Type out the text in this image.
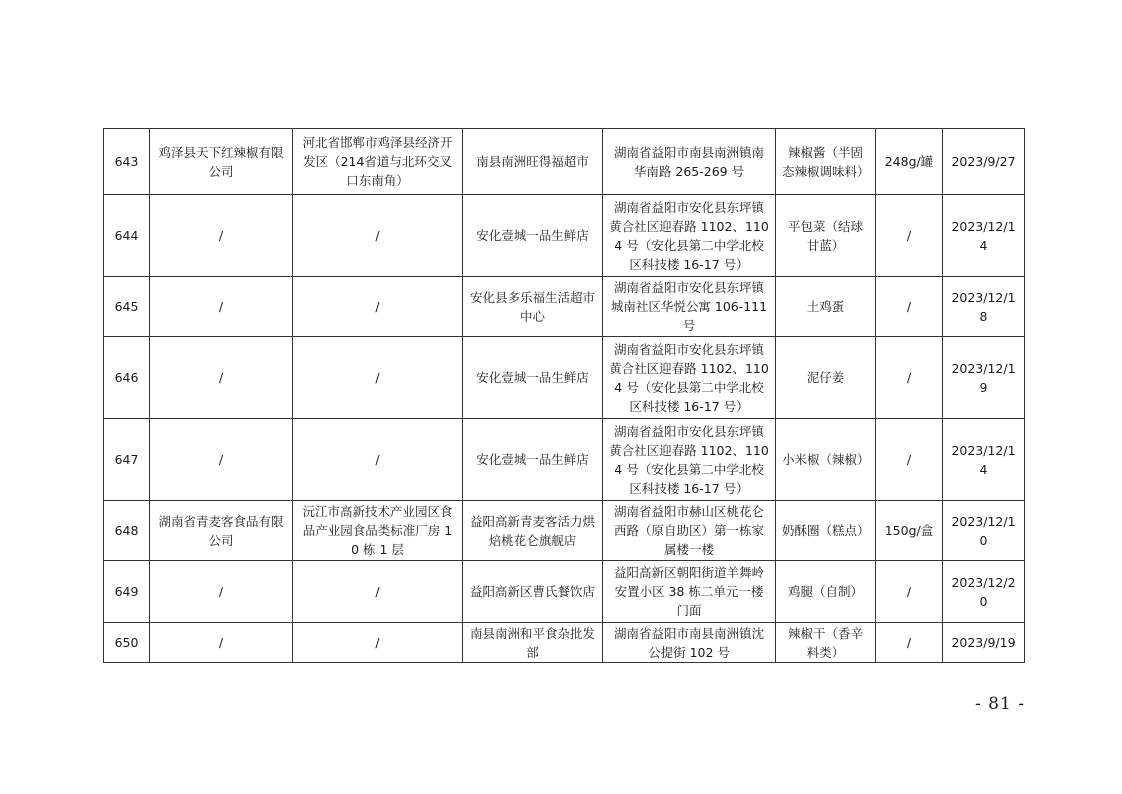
643	鸡泽县天下红辣椒有限公司	河北省邯郸市鸡泽县经济开发区（214省道与北环交叉口东南角）	南县南洲旺得福超市	湖南省益阳市南县南洲镇南华南路 265-269 号	辣椒酱（半固态辣椒调味料）	248g/罐	2023/9/27
644	/	/	安化壹城一品生鲜店	湖南省益阳市安化县东坪镇黄合社区迎春路 1102、1104 号（安化县第二中学北校区科技楼 16-17 号）	平包菜（结球甘蓝）	/	2023/12/14
645	/	/	安化县多乐福生活超市中心	湖南省益阳市安化县东坪镇城南社区华悦公寓 106-111 号	土鸡蛋	/	2023/12/18
646	/	/	安化壹城一品生鲜店	湖南省益阳市安化县东坪镇黄合社区迎春路 1102、1104 号（安化县第二中学北校区科技楼 16-17 号）	泥仔姜	/	2023/12/19
647	/	/	安化壹城一品生鲜店	湖南省益阳市安化县东坪镇黄合社区迎春路 1102、1104 号（安化县第二中学北校区科技楼 16-17 号）	小米椒（辣椒）	/	2023/12/14
648	湖南省青麦客食品有限公司	沅江市高新技术产业园区食品产业园食品类标准厂房 10 栋 1 层	益阳高新青麦客活力烘焙桃花仑旗舰店	湖南省益阳市赫山区桃花仑西路（原自助区）第一栋家属楼一楼	奶酥圈（糕点）	150g/盒	2023/12/10
649	/	/	益阳高新区曹氏餐饮店	益阳高新区朝阳街道羊舞岭安置小区 38 栋二单元一楼门面	鸡腿（自制）	/	2023/12/20
650	/	/	南县南洲和平食杂批发部	湖南省益阳市南县南洲镇沈公提街 102 号	辣椒干（香辛料类）	/	2023/9/19
- 81 -
